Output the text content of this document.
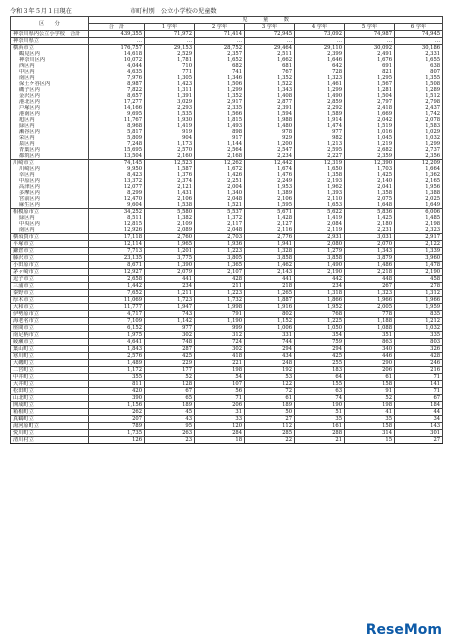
令和３年５月１日現在	市町村別　公立小学校の児童数
区　　分	児　　　童　　　数						
	合　計	1 学年	2 学年	3 学年	4 学年	5 学年	6 学年
神奈川県内公立小学校　合計	439,355	71,972	71,414	72,945	73,092	74,987	74,945
神奈川県立	…	…	…	…	…	…	…
横浜市立	176,757	29,153	28,752	29,464	29,110	30,092	30,186
鶴見区内	14,618	2,529	2,357	2,511	2,399	2,491	2,331
神奈川区内	10,072	1,781	1,652	1,662	1,646	1,676	1,655
西区内	4,044	710	682	681	642	691	638
中区内	4,635	771	741	767	728	821	807
南区内	7,976	1,305	1,346	1,352	1,323	1,295	1,355
保土ケ谷区内	8,987	1,423	1,506	1,522	1,461	1,567	1,508
磯子区内	7,822	1,311	1,299	1,343	1,299	1,281	1,289
金沢区内	8,657	1,391	1,352	1,408	1,490	1,504	1,512
港北区内	17,277	3,029	2,917	2,877	2,859	2,797	2,798
戸塚区内	14,166	2,293	2,335	2,391	2,292	2,418	2,437
港南区内	9,695	1,535	1,566	1,594	1,589	1,669	1,742
旭区内	11,767	1,930	1,815	1,988	1,914	2,042	2,078
緑区内	8,968	1,419	1,493	1,480	1,474	1,519	1,583
瀬谷区内	5,817	919	898	978	977	1,016	1,029
栄区内	5,809	904	917	929	982	1,045	1,032
泉区内	7,248	1,173	1,144	1,200	1,213	1,219	1,299
青葉区内	15,695	2,570	2,564	2,547	2,595	2,682	2,737
都筑区内	13,504	2,160	2,168	2,234	2,227	2,359	2,356
川崎市立	74,145	12,523	12,262	12,442	12,319	12,390	12,209
川崎区内	9,950	1,587	1,672	1,674	1,650	1,703	1,664
幸区内	8,423	1,376	1,426	1,476	1,358	1,425	1,362
中原区内	13,372	2,374	2,251	2,249	2,193	2,140	2,165
高津区内	12,077	2,121	2,004	1,953	1,962	2,041	1,956
多摩区内	8,299	1,431	1,340	1,389	1,393	1,358	1,388
宮前区内	12,470	2,106	2,048	2,106	2,110	2,075	2,025
麻生区内	9,604	1,538	1,521	1,595	1,653	1,648	1,649
相模原市立	34,252	5,580	5,537	5,671	5,622	5,836	6,006
緑区内	8,511	1,382	1,372	1,428	1,419	1,425	1,485
中央区内	12,815	2,109	2,117	2,127	2,084	2,180	2,198
南区内	12,926	2,089	2,048	2,116	2,119	2,231	2,323
横須賀市立	17,118	2,760	2,703	2,776	2,931	3,031	2,917
平塚市立	12,114	1,965	1,936	1,941	2,080	2,070	2,122
鎌倉市立	7,713	1,201	1,223	1,328	1,279	1,343	1,339
藤沢市立	23,135	3,775	3,805	3,858	3,858	3,879	3,960
小田原市立	8,671	1,390	1,365	1,462	1,490	1,486	1,478
茅ヶ崎市立	12,927	2,079	2,107	2,143	2,190	2,218	2,190
逗子市立	2,658	441	428	441	442	448	458
三浦市立	1,442	234	211	218	234	267	278
秦野市立	7,652	1,211	1,223	1,265	1,318	1,323	1,312
厚木市立	11,069	1,723	1,732	1,887	1,866	1,966	1,966
大和市立	11,777	1,947	1,998	1,916	1,952	2,005	1,959
伊勢原市立	4,717	743	791	802	768	778	835
海老名市立	7,109	1,142	1,190	1,152	1,225	1,188	1,212
座間市立	6,152	977	999	1,006	1,050	1,088	1,032
南足柄市立	1,975	302	312	331	354	351	335
綾瀬市立	4,641	748	724	744	759	863	803
葉山町立	1,843	287	302	294	294	340	326
寒川町立	2,576	425	418	434	425	446	428
大磯町立	1,489	229	221	248	255	290	246
二宮町立	1,172	177	198	192	183	206	216
中井町立	355	52	54	53	64	61	71
大井町立	811	128	107	122	155	158	141
松田町立	420	67	56	72	63	91	71
山北町立	390	65	71	61	74	52	67
開成町立	1,156	189	206	189	190	198	184
箱根町立	262	45	31	50	51	41	44
真鶴町立	207	43	33	27	35	35	34
湯河原町立	789	95	120	112	161	158	143
愛川町立	1,735	263	284	285	288	314	301
清川村立	126	23	18	22	21	15	27
ReseMom
